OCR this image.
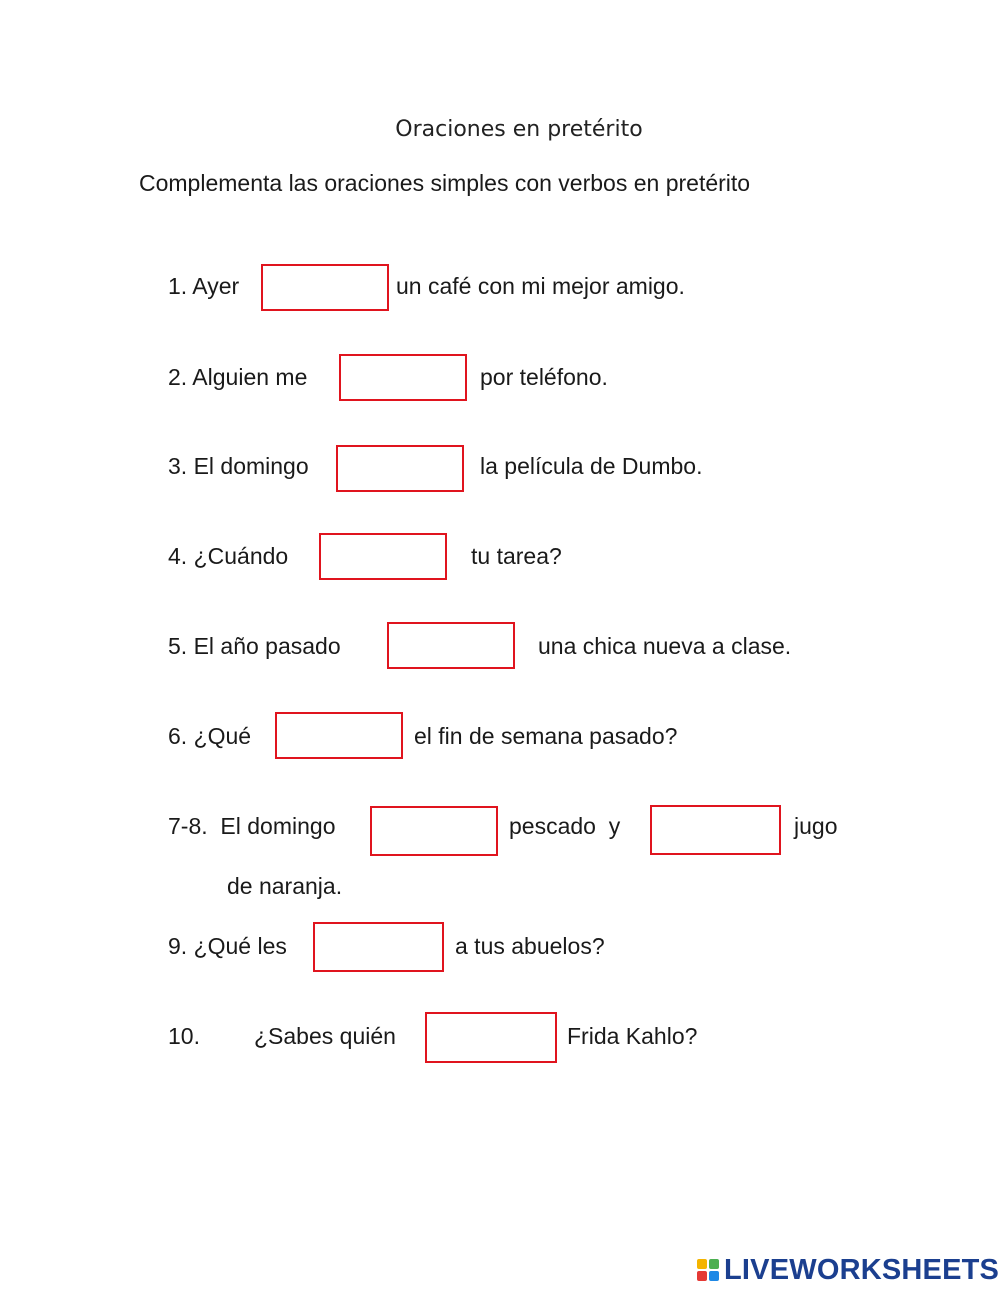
Oraciones en pretérito
Complementa las oraciones simples con verbos en pretérito
1. Ayer	un café con mi mejor amigo.
2. Alguien me	por teléfono.
3. El domingo	la película de Dumbo.
4. ¿Cuándo	tu tarea?
5. El año pasado	una chica nueva a clase.
6. ¿Qué	el fin de semana pasado?
7-8.  El domingo	pescado  y	jugo
de naranja.
9. ¿Qué les	a tus abuelos?
10. ¿Sabes quién	Frida Kahlo?
LIVEWORKSHEETS
